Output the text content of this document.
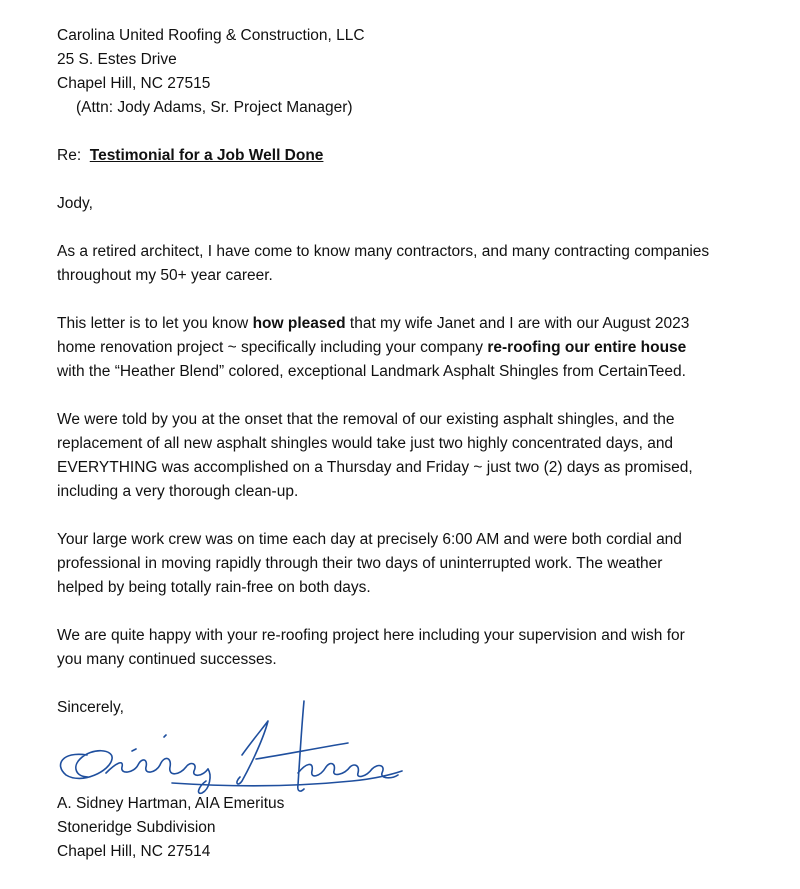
Carolina United Roofing & Construction, LLC
25 S. Estes Drive
Chapel Hill, NC 27515
(Attn: Jody Adams, Sr. Project Manager)
Re: Testimonial for a Job Well Done
Jody,

As a retired architect, I have come to know many contractors, and many contracting companies
throughout my 50+ year career.

This letter is to let you know how pleased that my wife Janet and I are with our August 2023
home renovation project ~ specifically including your company re-roofing our entire house
with the “Heather Blend” colored, exceptional Landmark Asphalt Shingles from CertainTeed.

We were told by you at the onset that the removal of our existing asphalt shingles, and the
replacement of all new asphalt shingles would take just two highly concentrated days, and
EVERYTHING was accomplished on a Thursday and Friday ~ just two (2) days as promised,
including a very thorough clean-up.

Your large work crew was on time each day at precisely 6:00 AM and were both cordial and
professional in moving rapidly through their two days of uninterrupted work. The weather
helped by being totally rain-free on both days.

We are quite happy with your re-roofing project here including your supervision and wish for
you many continued successes.

Sincerely,
A. Sidney Hartman, AIA Emeritus
Stoneridge Subdivision
Chapel Hill, NC 27514
